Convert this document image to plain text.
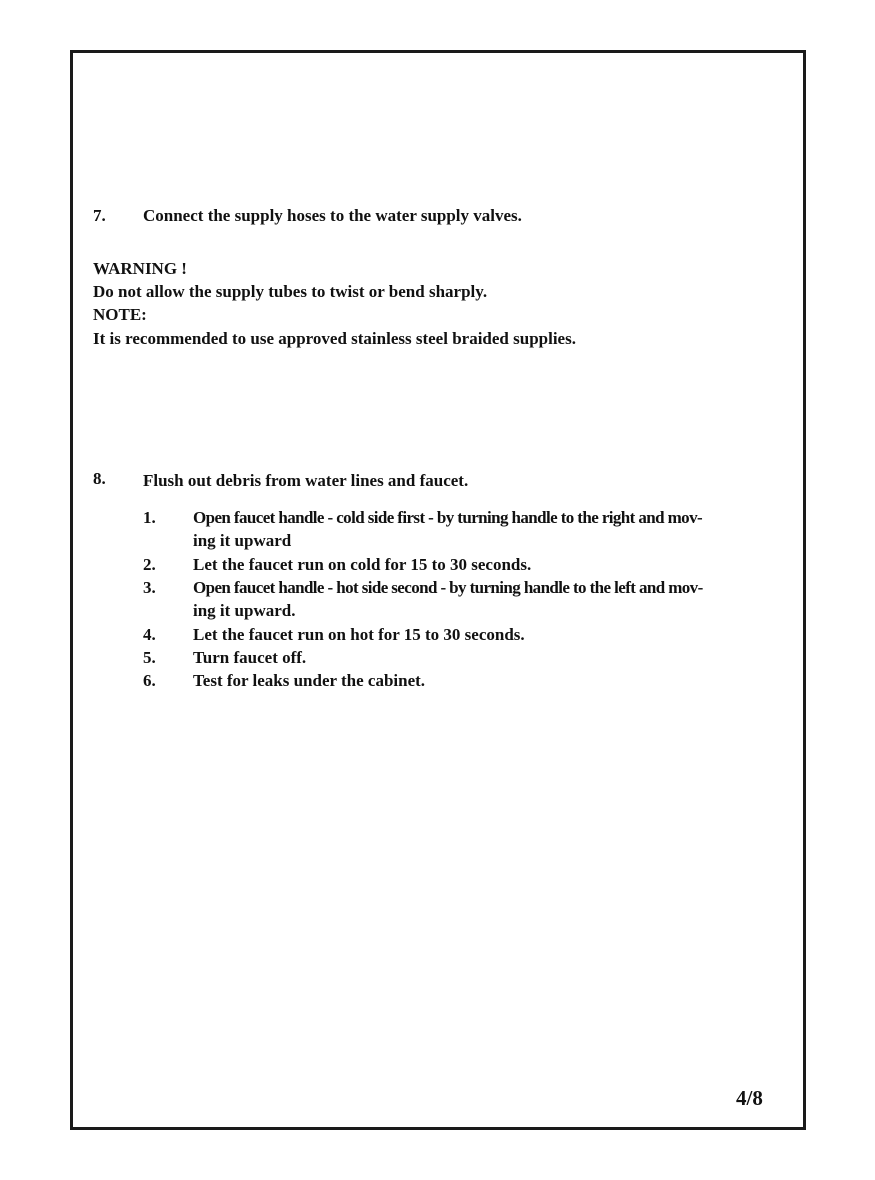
7. Connect the supply hoses to the water supply valves.
WARNING !
Do not allow the supply tubes to twist or bend sharply.
NOTE:
It is recommended to use approved stainless steel braided supplies.
8. Flush out debris from water lines and faucet.
1. Open faucet handle - cold side first - by turning handle to the right and mov-
ing it upward
2. Let the faucet run on cold for 15 to 30 seconds.
3. Open faucet handle - hot side second - by turning handle to the left and mov-
ing it upward.
4. Let the faucet run on hot for 15 to 30 seconds.
5. Turn faucet off.
6. Test for leaks under the cabinet.
4/8
